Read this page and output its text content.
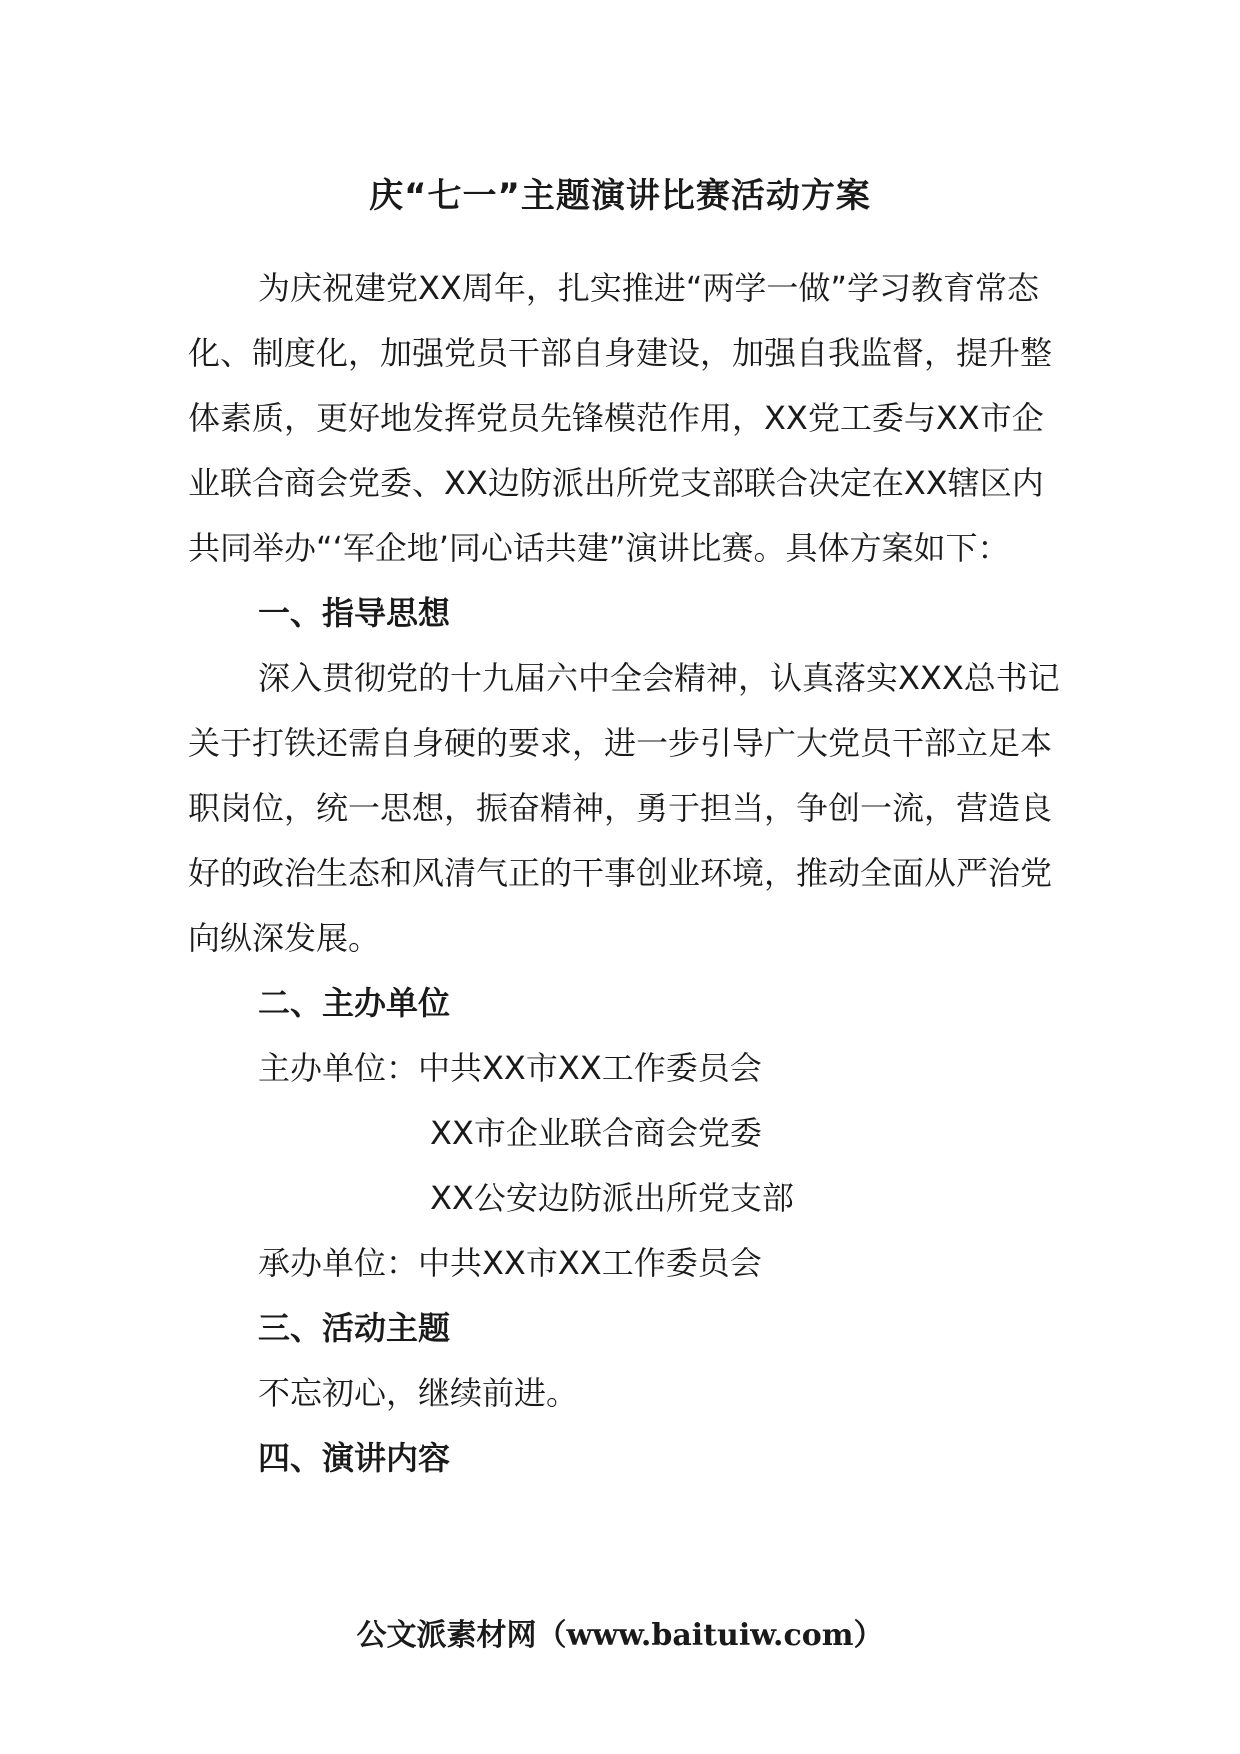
庆“七一”主题演讲比赛活动方案

为庆祝建党XX周年，扎实推进“两学一做”学习教育常态化、制度化，加强党员干部自身建设，加强自我监督，提升整体素质，更好地发挥党员先锋模范作用，XX党工委与XX市企业联合商会党委、XX边防派出所党支部联合决定在XX辖区内共同举办“‘军企地’同心话共建”演讲比赛。具体方案如下：

一、指导思想

深入贯彻党的十九届六中全会精神，认真落实XXX总书记关于打铁还需自身硬的要求，进一步引导广大党员干部立足本职岗位，统一思想，振奋精神，勇于担当，争创一流，营造良好的政治生态和风清气正的干事创业环境，推动全面从严治党向纵深发展。

二、主办单位

主办单位：中共XX市XX工作委员会

XX市企业联合商会党委

XX公安边防派出所党支部

承办单位：中共XX市XX工作委员会

三、活动主题

不忘初心，继续前进。

四、演讲内容

公文派素材网（www.baituiw.com）
